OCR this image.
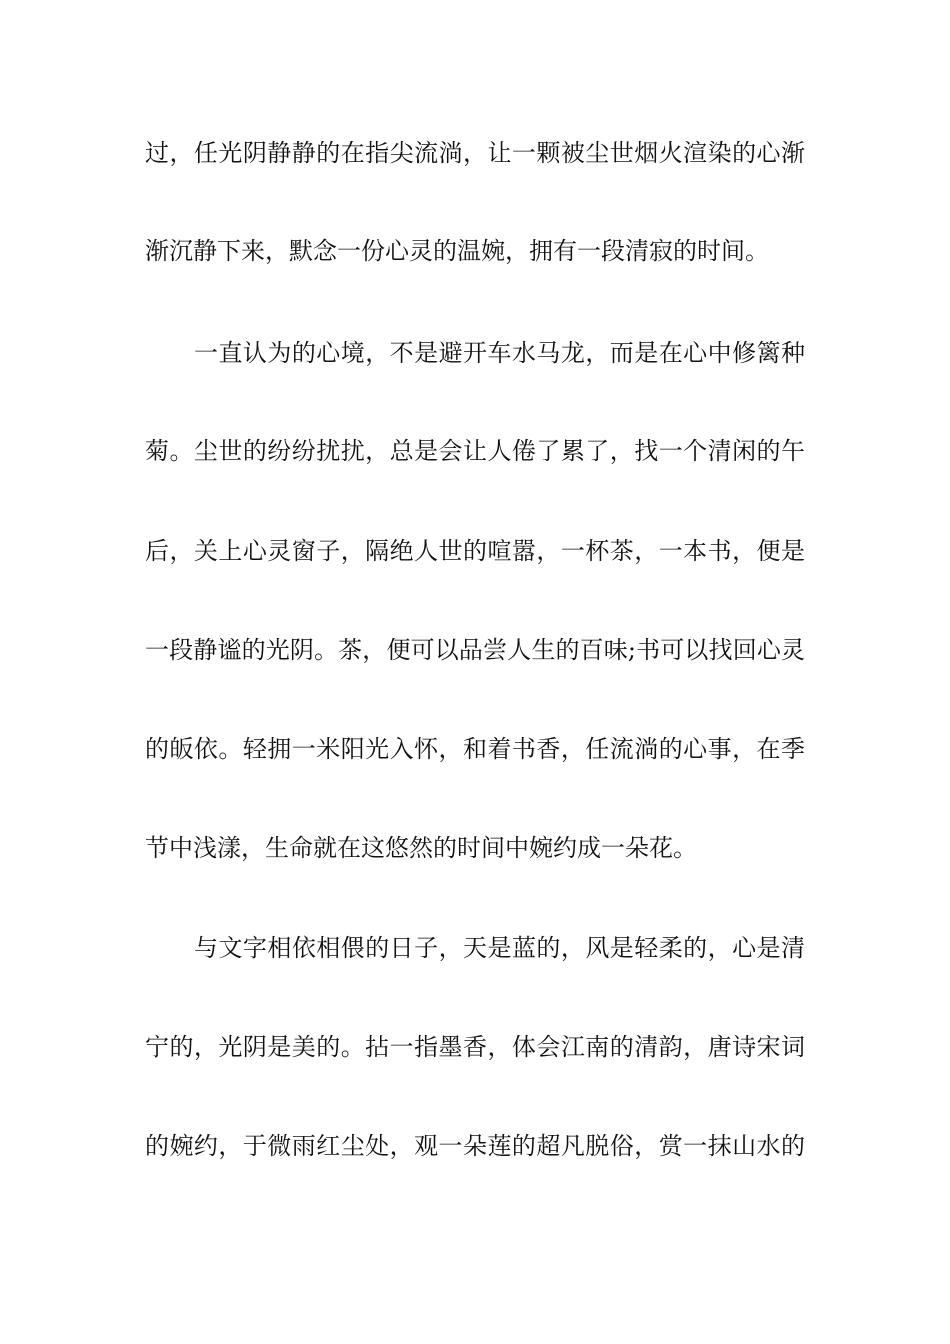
过，任光阴静静的在指尖流淌，让一颗被尘世烟火渲染的心渐
渐沉静下来，默念一份心灵的温婉，拥有一段清寂的时间。
一直认为的心境，不是避开车水马龙，而是在心中修篱种
菊。尘世的纷纷扰扰，总是会让人倦了累了，找一个清闲的午
后，关上心灵窗子，隔绝人世的喧嚣，一杯茶，一本书，便是
一段静谧的光阴。茶，便可以品尝人生的百味;书可以找回心灵
的皈依。轻拥一米阳光入怀，和着书香，任流淌的心事，在季
节中浅漾，生命就在这悠然的时间中婉约成一朵花。
与文字相依相偎的日子，天是蓝的，风是轻柔的，心是清
宁的，光阴是美的。拈一指墨香，体会江南的清韵，唐诗宋词
的婉约，于微雨红尘处，观一朵莲的超凡脱俗，赏一抹山水的
